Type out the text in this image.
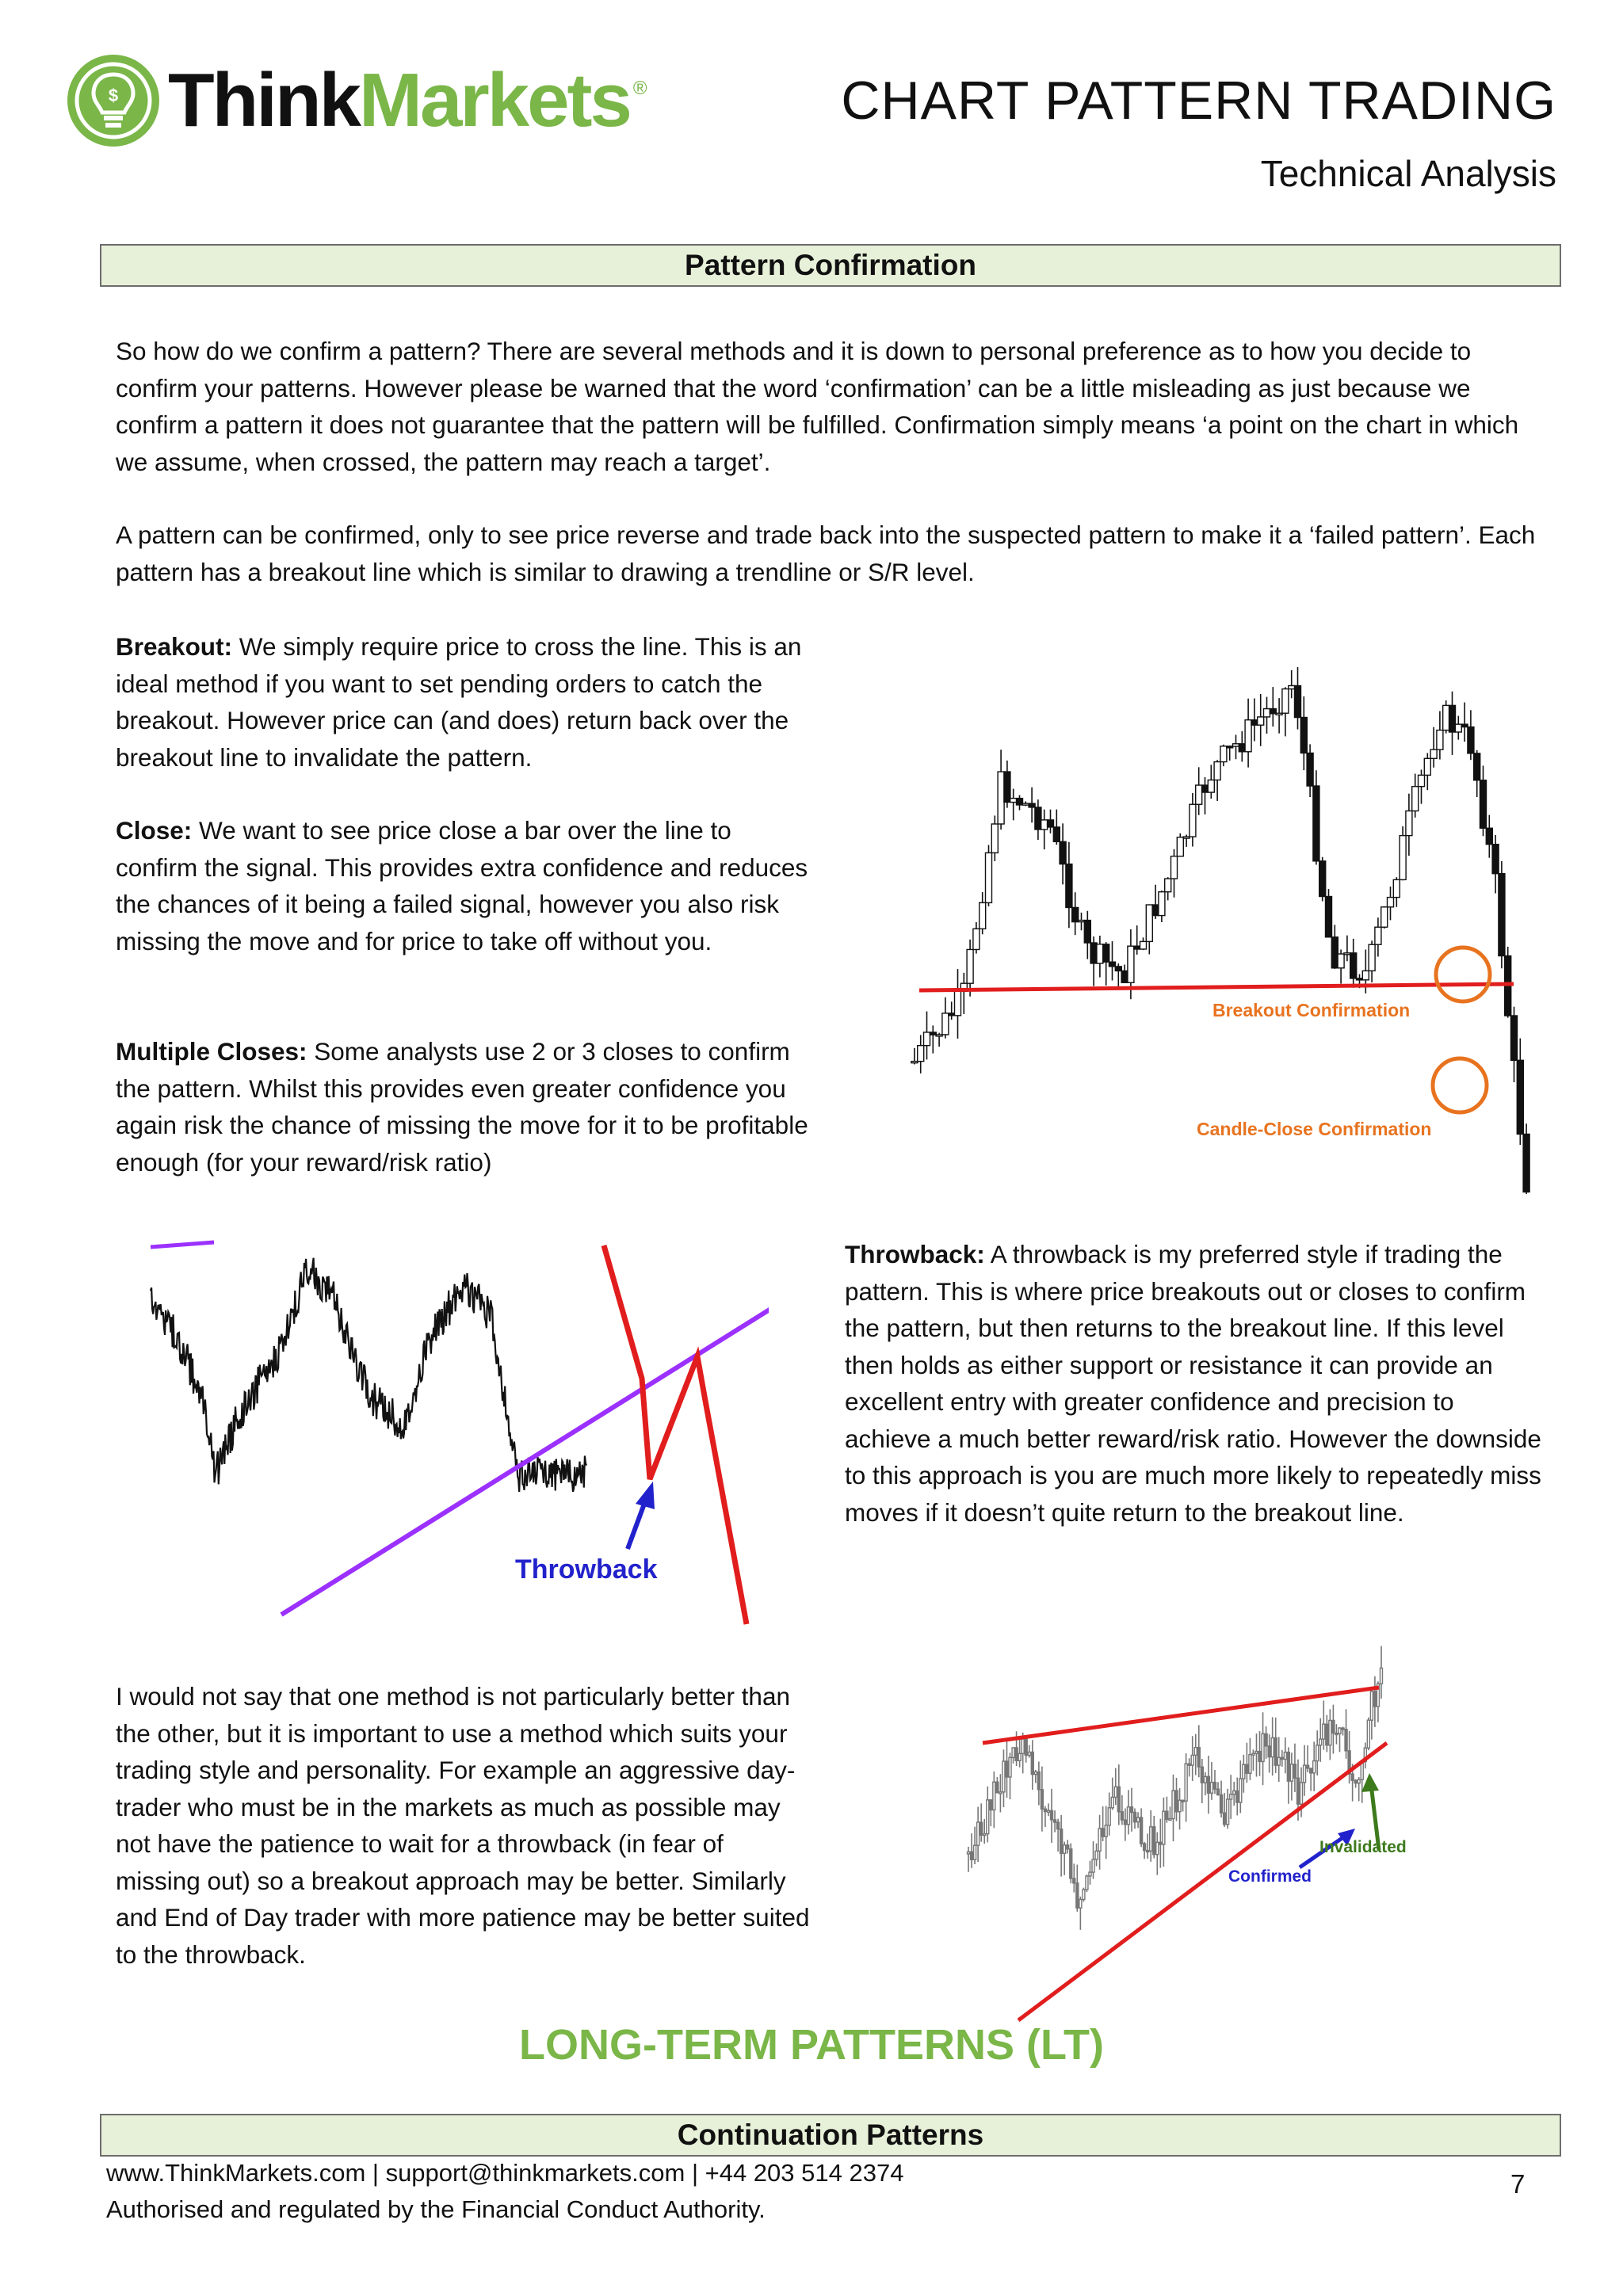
$ ThinkMarkets ®	CHART PATTERN TRADING
Technical Analysis
Pattern Confirmation
So how do we confirm a pattern? There are several methods and it is down to personal preference as to how you decide to confirm your patterns. However please be warned that the word ‘confirmation’ can be a little misleading as just because we confirm a pattern it does not guarantee that the pattern will be fulfilled. Confirmation simply means ‘a point on the chart in which we assume, when crossed, the pattern may reach a target’.
A pattern can be confirmed, only to see price reverse and trade back into the suspected pattern to make it a ‘failed pattern’. Each pattern has a breakout line which is similar to drawing a trendline or S/R level.
Breakout: We simply require price to cross the line. This is an ideal method if you want to set pending orders to catch the breakout. However price can (and does) return back over the breakout line to invalidate the pattern.
Close: We want to see price close a bar over the line to confirm the signal. This provides extra confidence and reduces the chances of it being a failed signal, however you also risk missing the move and for price to take off without you.
Multiple Closes: Some analysts use 2 or 3 closes to confirm the pattern. Whilst this provides even greater confidence you again risk the chance of missing the move for it to be profitable enough (for your reward/risk ratio)
Throwback: A throwback is my preferred style if trading the pattern. This is where price breakouts out or closes to confirm the pattern, but then returns to the breakout line. If this level then holds as either support or resistance it can provide an excellent entry with greater confidence and precision to achieve a much better reward/risk ratio. However the downside to this approach is you are much more likely to repeatedly miss moves if it doesn’t quite return to the breakout line.
I would not say that one method is not particularly better than the other, but it is important to use a method which suits your trading style and personality. For example an aggressive day-trader who must be in the markets as much as possible may not have the patience to wait for a throwback (in fear of missing out) so a breakout approach may be better. Similarly and End of Day trader with more patience may be better suited to the throwback.
Breakout Confirmation
Candle-Close Confirmation
Throwback
Confirmed
Invalidated
LONG-TERM PATTERNS (LT)
Continuation Patterns
www.ThinkMarkets.com | support@thinkmarkets.com | +44 203 514 2374
Authorised and regulated by the Financial Conduct Authority.
7
